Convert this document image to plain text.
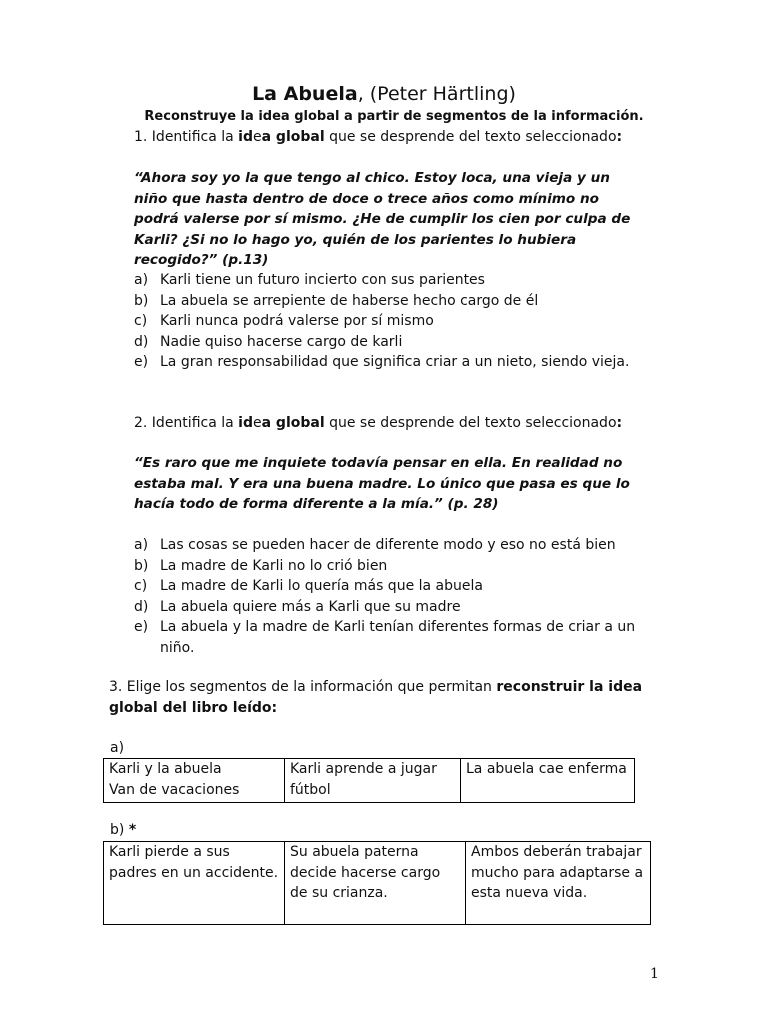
La Abuela, (Peter Härtling)
Reconstruye la idea global a partir de segmentos de la información.
1. Identifica la idea global que se desprende del texto seleccionado:
“Ahora soy yo la que tengo al chico. Estoy loca, una vieja y un niño que hasta dentro de doce o trece años como mínimo no podrá valerse por sí mismo. ¿He de cumplir los cien por culpa de Karli? ¿Si no lo hago yo, quién de los parientes lo hubiera recogido?” (p.13)
a) Karli tiene un futuro incierto con sus parientes
b) La abuela se arrepiente de haberse hecho cargo de él
c) Karli nunca podrá valerse por sí mismo
d) Nadie quiso hacerse cargo de karli
e) La gran responsabilidad que significa criar a un nieto, siendo vieja.
2. Identifica la idea global que se desprende del texto seleccionado:
“Es raro que me inquiete todavía pensar en ella. En realidad no estaba mal. Y era una buena madre. Lo único que pasa es que lo hacía todo de forma diferente a la mía.” (p. 28)
a) Las cosas se pueden hacer de diferente modo y eso no está bien
b) La madre de Karli no lo crió bien
c) La madre de Karli lo quería más que la abuela
d) La abuela quiere más a Karli que su madre
e) La abuela y la madre de Karli tenían diferentes formas de criar a un niño.
3. Elige los segmentos de la información que permitan reconstruir la idea
global del libro leído:
a)
Karli y la abuela
Van de vacaciones	Karli aprende a jugar fútbol	La abuela cae enferma
b) *
Karli pierde a sus padres en un accidente.	Su abuela paterna decide hacerse cargo de su crianza.	Ambos deberán trabajar mucho para adaptarse a esta nueva vida.
1
